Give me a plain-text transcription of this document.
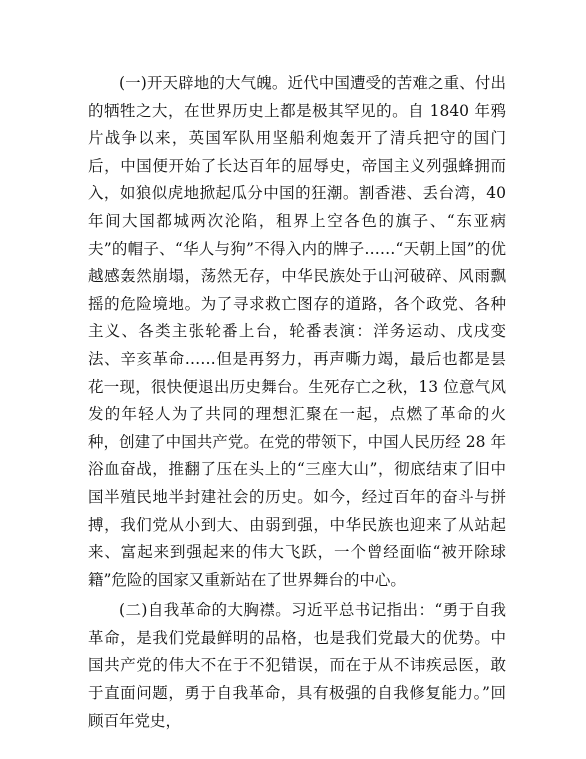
(一)开天辟地的大气魄。近代中国遭受的苦难之重、付出的牺牲之大，在世界历史上都是极其罕见的。自 1840 年鸦片战争以来，英国军队用坚船利炮轰开了清兵把守的国门后，中国便开始了长达百年的屈辱史，帝国主义列强蜂拥而入，如狼似虎地掀起瓜分中国的狂潮。割香港、丢台湾，40 年间大国都城两次沦陷，租界上空各色的旗子、“东亚病夫”的帽子、“华人与狗”不得入内的牌子……“天朝上国”的优越感轰然崩塌，荡然无存，中华民族处于山河破碎、风雨飘摇的危险境地。为了寻求救亡图存的道路，各个政党、各种主义、各类主张轮番上台，轮番表演：洋务运动、戊戌变法、辛亥革命……但是再努力，再声嘶力竭，最后也都是昙花一现，很快便退出历史舞台。生死存亡之秋，13 位意气风发的年轻人为了共同的理想汇聚在一起，点燃了革命的火种，创建了中国共产党。在党的带领下，中国人民历经 28 年浴血奋战，推翻了压在头上的“三座大山”，彻底结束了旧中国半殖民地半封建社会的历史。如今，经过百年的奋斗与拼搏，我们党从小到大、由弱到强，中华民族也迎来了从站起来、富起来到强起来的伟大飞跃，一个曾经面临“被开除球籍”危险的国家又重新站在了世界舞台的中心。

(二)自我革命的大胸襟。习近平总书记指出：“勇于自我革命，是我们党最鲜明的品格，也是我们党最大的优势。中国共产党的伟大不在于不犯错误，而在于从不讳疾忌医，敢于直面问题，勇于自我革命，具有极强的自我修复能力。”回顾百年党史，
